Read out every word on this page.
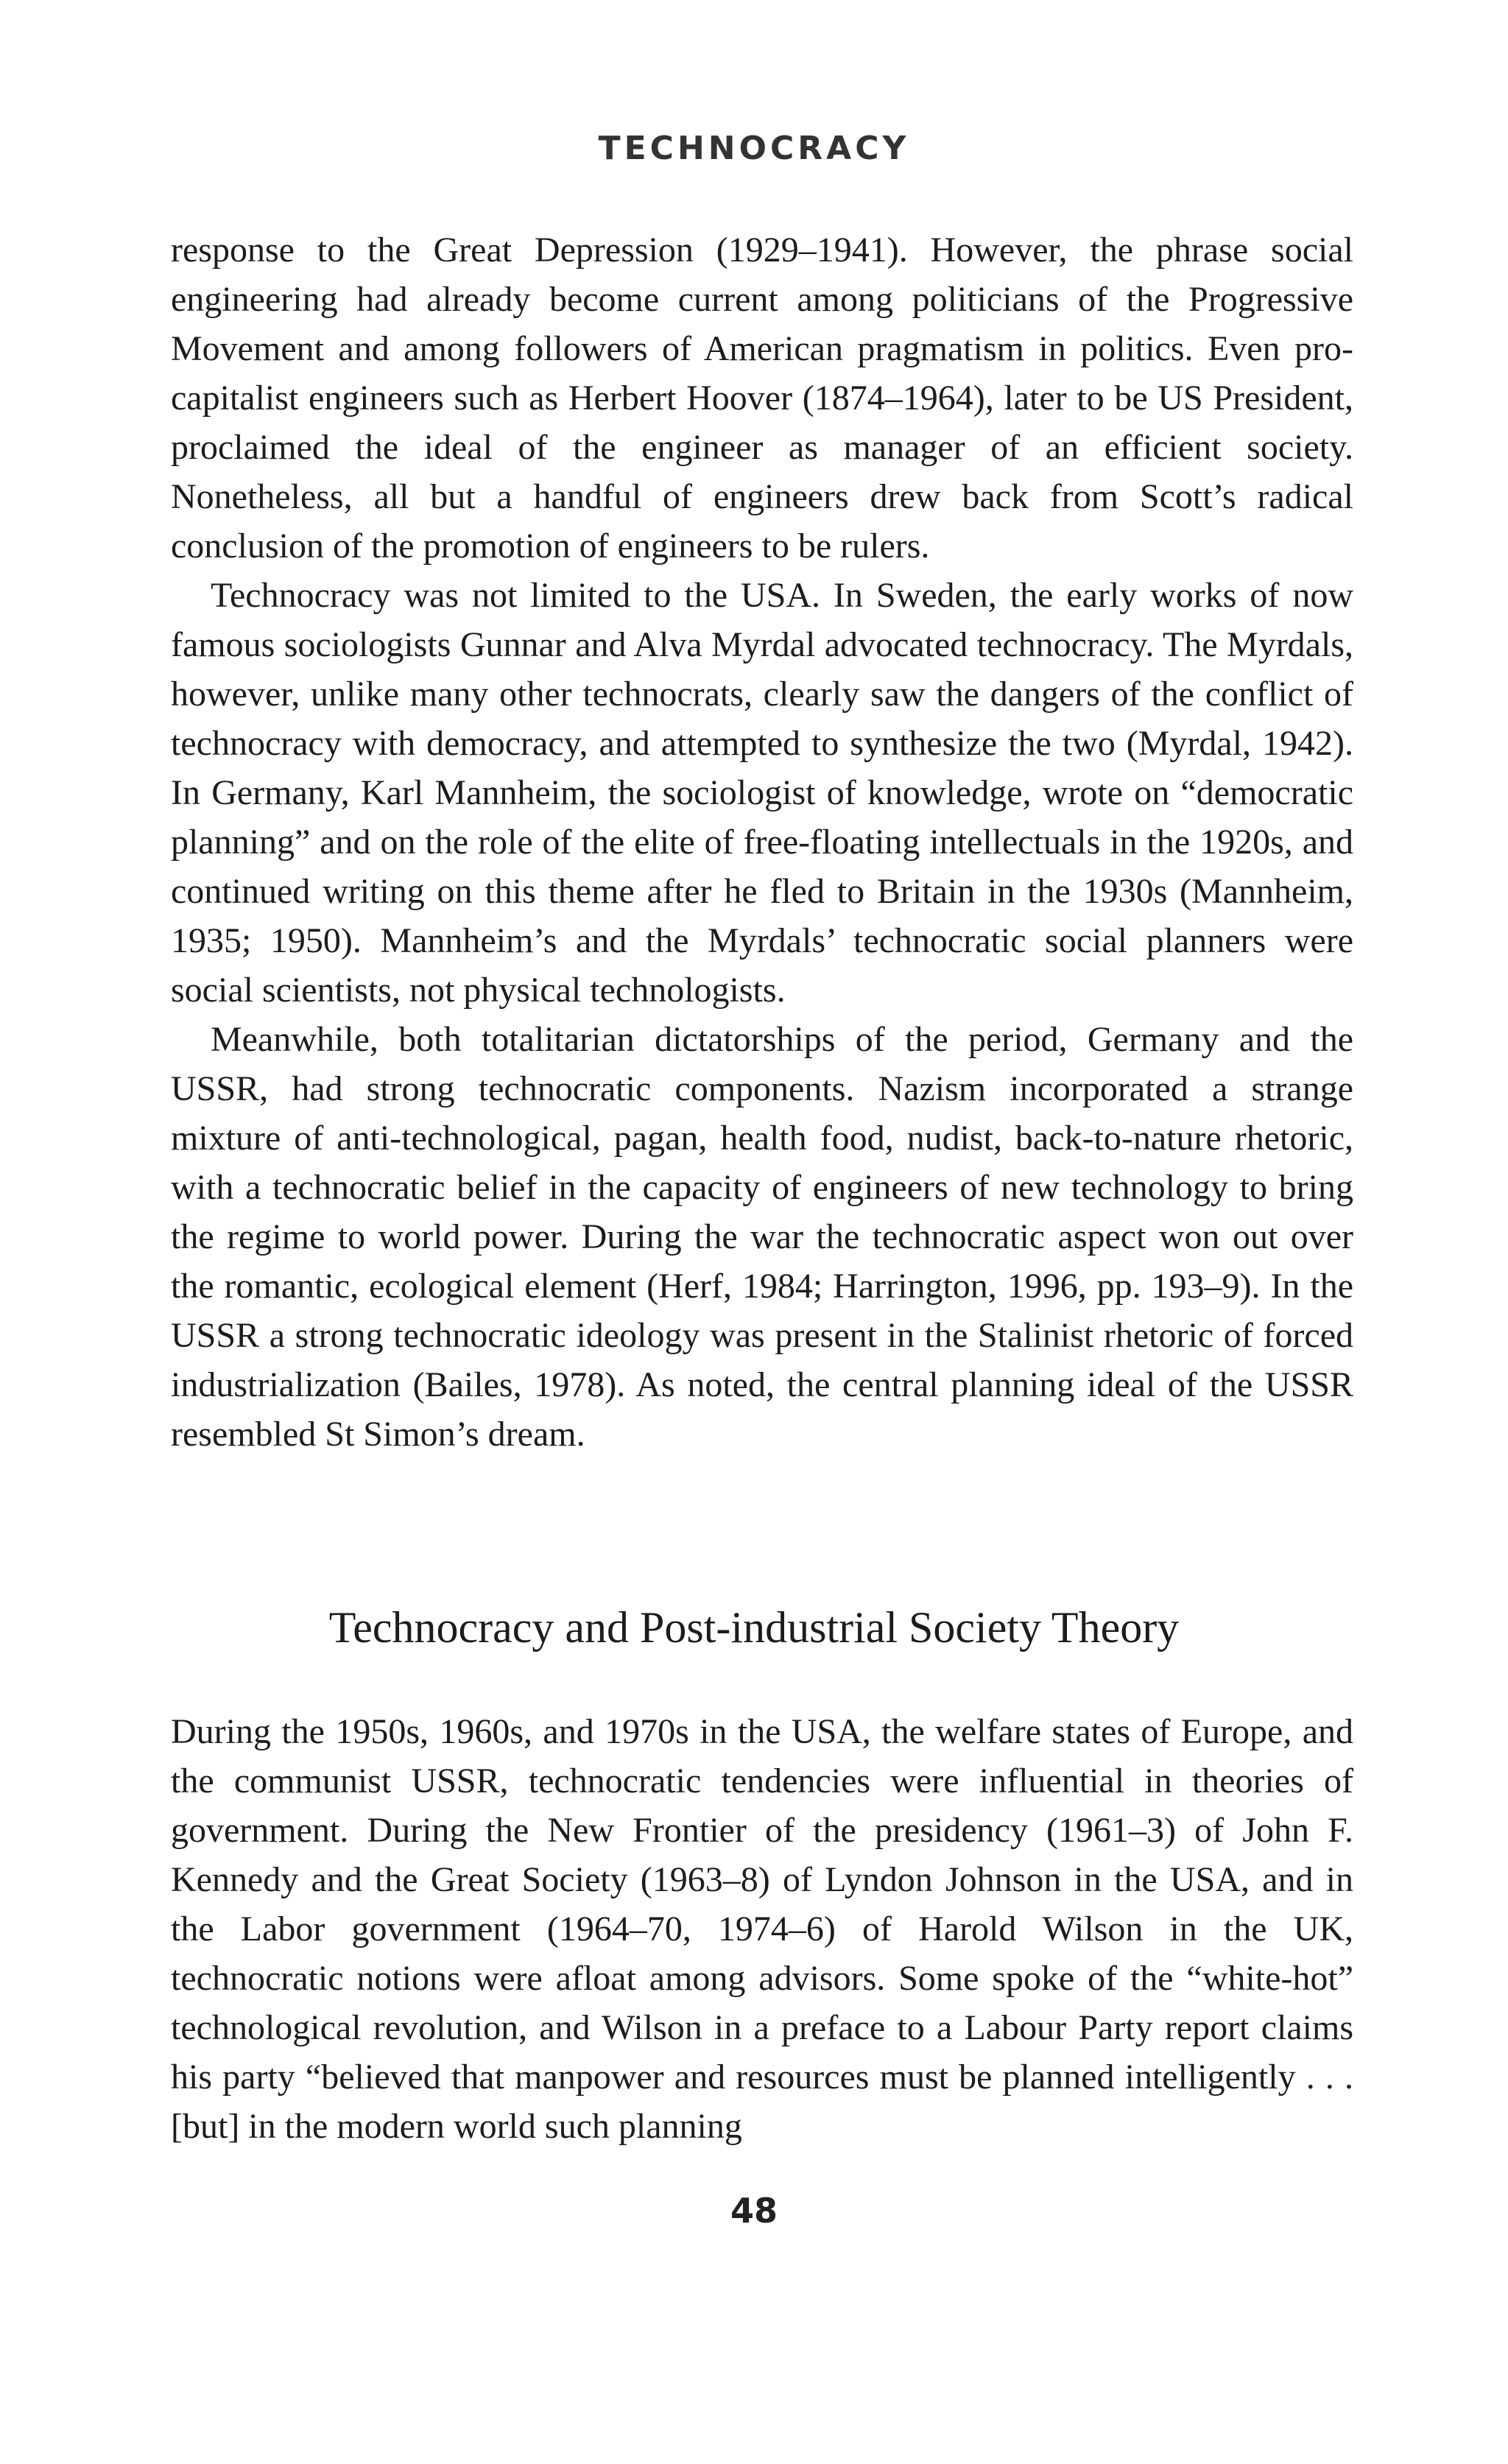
TECHNOCRACY

response to the Great Depression (1929–1941). However, the phrase social engineering had already become current among politicians of the Progressive Movement and among followers of American pragmatism in politics. Even pro-capitalist engineers such as Herbert Hoover (1874–1964), later to be US President, proclaimed the ideal of the engineer as manager of an efficient society. Nonetheless, all but a handful of engineers drew back from Scott’s radical conclusion of the promotion of engineers to be rulers.

Technocracy was not limited to the USA. In Sweden, the early works of now famous sociologists Gunnar and Alva Myrdal advocated technocracy. The Myrdals, however, unlike many other technocrats, clearly saw the dangers of the conflict of technocracy with democracy, and attempted to synthesize the two (Myrdal, 1942). In Germany, Karl Mannheim, the sociologist of knowledge, wrote on “democratic planning” and on the role of the elite of free-floating intellectuals in the 1920s, and continued writing on this theme after he fled to Britain in the 1930s (Mannheim, 1935; 1950). Mannheim’s and the Myrdals’ technocratic social planners were social scientists, not physical technologists.

Meanwhile, both totalitarian dictatorships of the period, Germany and the USSR, had strong technocratic components. Nazism incorporated a strange mixture of anti-technological, pagan, health food, nudist, back-to-nature rhetoric, with a technocratic belief in the capacity of engineers of new technology to bring the regime to world power. During the war the technocratic aspect won out over the romantic, ecological element (Herf, 1984; Harrington, 1996, pp. 193–9). In the USSR a strong technocratic ideology was present in the Stalinist rhetoric of forced industrialization (Bailes, 1978). As noted, the central planning ideal of the USSR resembled St Simon’s dream.

Technocracy and Post-industrial Society Theory

During the 1950s, 1960s, and 1970s in the USA, the welfare states of Europe, and the communist USSR, technocratic tendencies were influential in theories of government. During the New Frontier of the presidency (1961–3) of John F. Kennedy and the Great Society (1963–8) of Lyndon Johnson in the USA, and in the Labor government (1964–70, 1974–6) of Harold Wilson in the UK, technocratic notions were afloat among advisors. Some spoke of the “white-hot” technological revolution, and Wilson in a preface to a Labour Party report claims his party “believed that manpower and resources must be planned intelligently . . . [but] in the modern world such planning

48
